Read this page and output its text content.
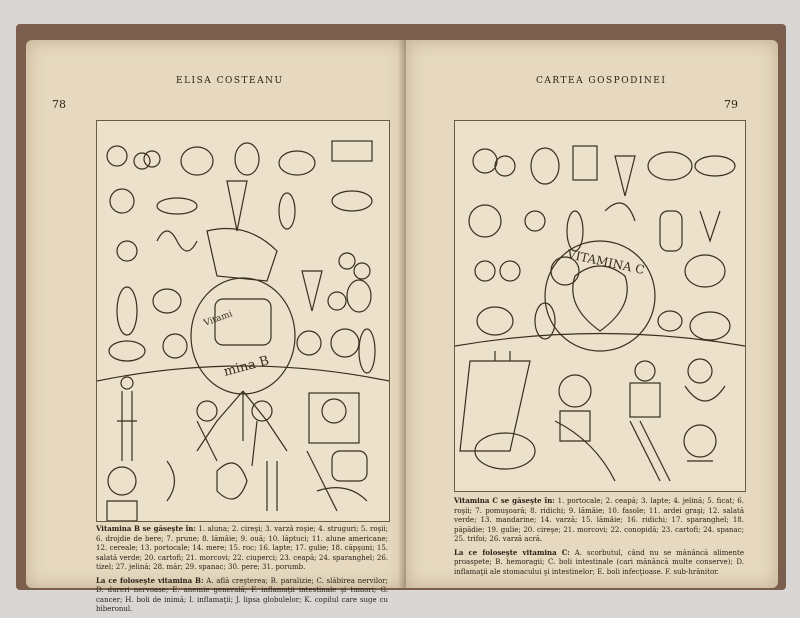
78
ELISA COSTEANU
Vitami
mina B

Vitamina B se găseşte în: 1. aluna; 2. cireşi; 3. varză roşie; 4. struguri; 5. roşii; 6. drojdie de bere; 7. prune; 8. lămâie; 9. ouă; 10. lăptuci; 11. alune americane; 12. cereale; 13. portocale; 14. mere; 15. roc; 16. lapte; 17. gulie; 18. căpşuni; 15. salată verde; 20. cartofi; 21. morcovi; 22. ciuperci; 23. ceapă; 24. sparanghel; 26. tizel; 27. jelină; 28. măr; 29. spanac; 30. pere; 31. porumb.

La ce foloseşte vitamina B: A. află creşterea; B. paralizie; C. slăbirea nervilor; D. dureri nervoase; E. anemie generală; F. inflamaţii intestinale şi tumori; G. cancer; H. boli de inimă; I. inflamaţii; J. lipsa globulelor; K. copilul care suge cu biberonul.

CARTEA GOSPODINEI
79
VITAMINA C

Vitamina C se găseşte în: 1. portocale; 2. ceapă; 3. lapte; 4. jelină; 5. ficat; 6. roşii; 7. pomuşoară; 8. ridichi; 9. lămâie; 10. fasole; 11. ardei graşi; 12. salată verde; 13. mandarine; 14. varză; 15. lămâie; 16. ridichi; 17. sparanghel; 18. păpădie; 19. gulie; 20. cireşe; 21. morcovi; 22. conopidă; 23. cartofi; 24. spanac; 25. trifoi; 26. varză acră.

La ce foloseşte vitamina C: A. scorbutul, când nu se mănâncă alimente proaspete; B. hemoragii; C. boli intestinale (cari mănâncă multe conserve); D. inflamaţii ale stomacului şi intestinelor; E. boli infecţioase. F. sub-hrănitor.
